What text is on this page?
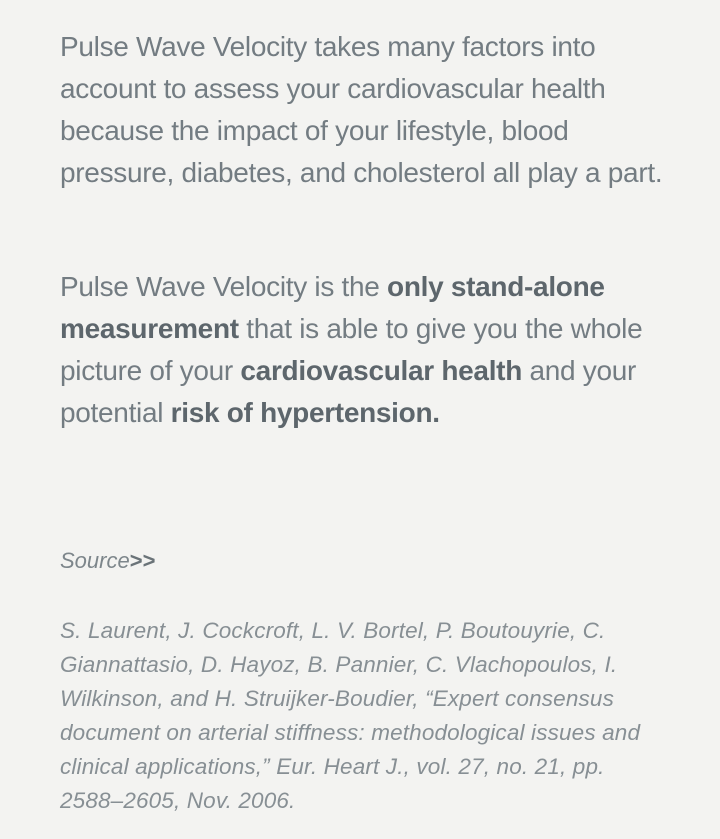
Pulse Wave Velocity takes many factors into account to assess your cardiovascular health because the impact of your lifestyle, blood pressure, diabetes, and cholesterol all play a part.

Pulse Wave Velocity is the only stand-alone measurement that is able to give you the whole picture of your cardiovascular health and your potential risk of hypertension.

Source>>

S. Laurent, J. Cockcroft, L. V. Bortel, P. Boutouyrie, C. Giannattasio, D. Hayoz, B. Pannier, C. Vlachopoulos, I. Wilkinson, and H. Struijker-Boudier, “Expert consensus document on arterial stiffness: methodological issues and clinical applications,” Eur. Heart J., vol. 27, no. 21, pp. 2588–2605, Nov. 2006.
